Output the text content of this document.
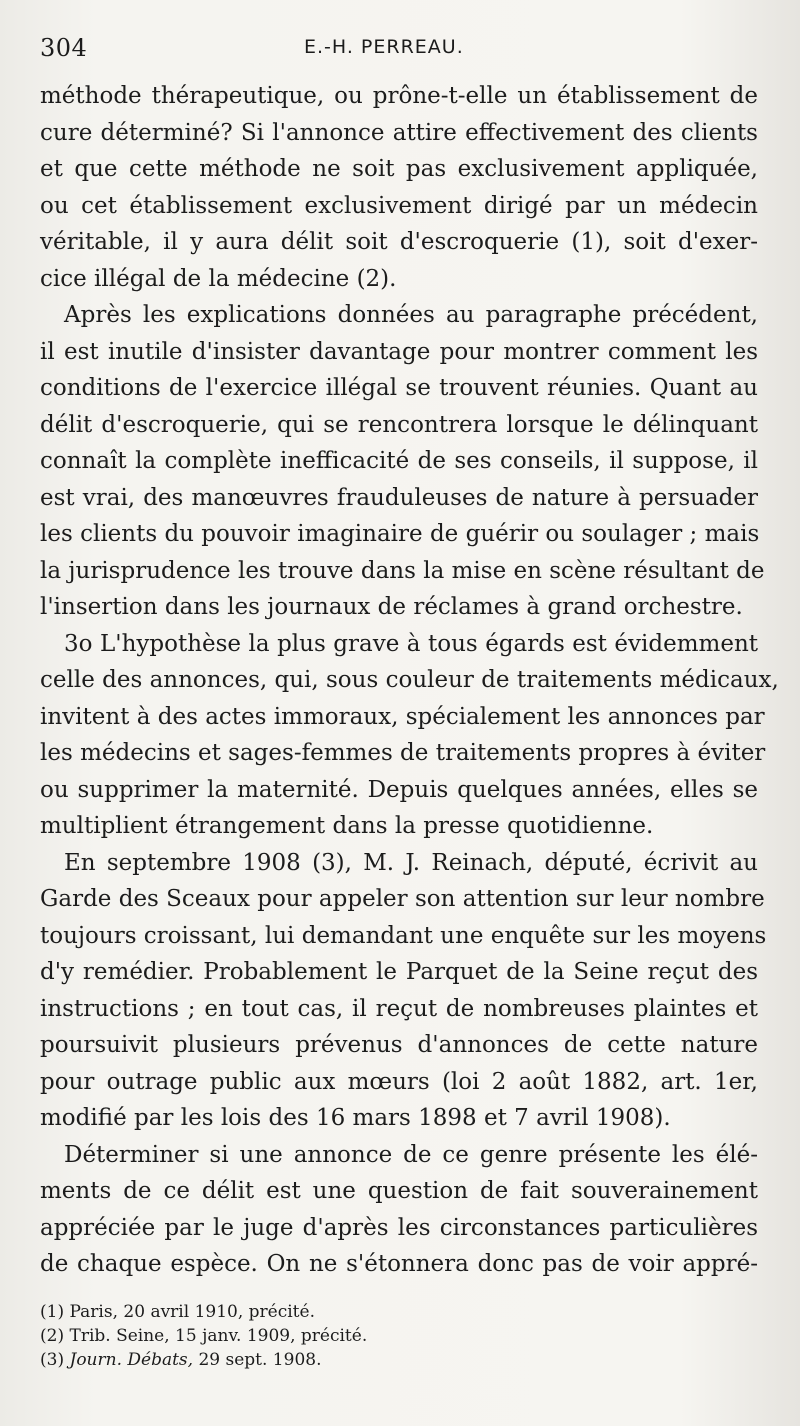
304	E.-H. PERREAU.
méthode thérapeutique, ou prône-t-elle un établissement de
cure déterminé? Si l'annonce attire effectivement des clients
et que cette méthode ne soit pas exclusivement appliquée,
ou cet établissement exclusivement dirigé par un médecin
véritable, il y aura délit soit d'escroquerie (1), soit d'exer-
cice illégal de la médecine (2).
Après les explications données au paragraphe précédent,
il est inutile d'insister davantage pour montrer comment les
conditions de l'exercice illégal se trouvent réunies. Quant au
délit d'escroquerie, qui se rencontrera lorsque le délinquant
connaît la complète inefficacité de ses conseils, il suppose, il
est vrai, des manœuvres frauduleuses de nature à persuader
les clients du pouvoir imaginaire de guérir ou soulager ; mais
la jurisprudence les trouve dans la mise en scène résultant de
l'insertion dans les journaux de réclames à grand orchestre.
3o L'hypothèse la plus grave à tous égards est évidemment
celle des annonces, qui, sous couleur de traitements médicaux,
invitent à des actes immoraux, spécialement les annonces par
les médecins et sages-femmes de traitements propres à éviter
ou supprimer la maternité. Depuis quelques années, elles se
multiplient étrangement dans la presse quotidienne.
En septembre 1908 (3), M. J. Reinach, député, écrivit au
Garde des Sceaux pour appeler son attention sur leur nombre
toujours croissant, lui demandant une enquête sur les moyens
d'y remédier. Probablement le Parquet de la Seine reçut des
instructions ; en tout cas, il reçut de nombreuses plaintes et
poursuivit plusieurs prévenus d'annonces de cette nature
pour outrage public aux mœurs (loi 2 août 1882, art. 1er,
modifié par les lois des 16 mars 1898 et 7 avril 1908).
Déterminer si une annonce de ce genre présente les élé-
ments de ce délit est une question de fait souverainement
appréciée par le juge d'après les circonstances particulières
de chaque espèce. On ne s'étonnera donc pas de voir appré-
(1) Paris, 20 avril 1910, précité.
(2) Trib. Seine, 15 janv. 1909, précité.
(3) Journ. Débats, 29 sept. 1908.
